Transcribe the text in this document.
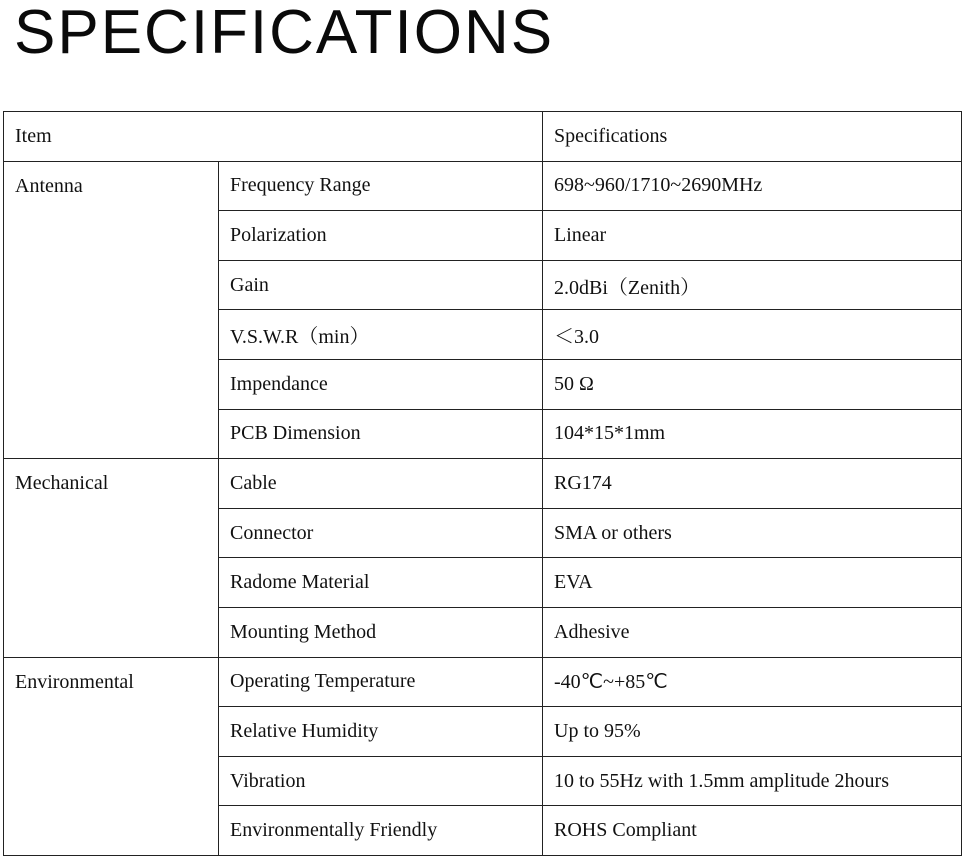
SPECIFICATIONS
Item		Specifications
Antenna	Frequency Range	698~960/1710~2690MHz
	Polarization	Linear
	Gain	2.0dBi（Zenith）
	V.S.W.R（min）	＜3.0
	Impendance	50 Ω
	PCB Dimension	104*15*1mm
Mechanical	Cable	RG174
	Connector	SMA or others
	Radome Material	EVA
	Mounting Method	Adhesive
Environmental	Operating Temperature	-40℃~+85℃
	Relative Humidity	Up to 95%
	Vibration	10 to 55Hz with 1.5mm amplitude 2hours
	Environmentally Friendly	ROHS Compliant
